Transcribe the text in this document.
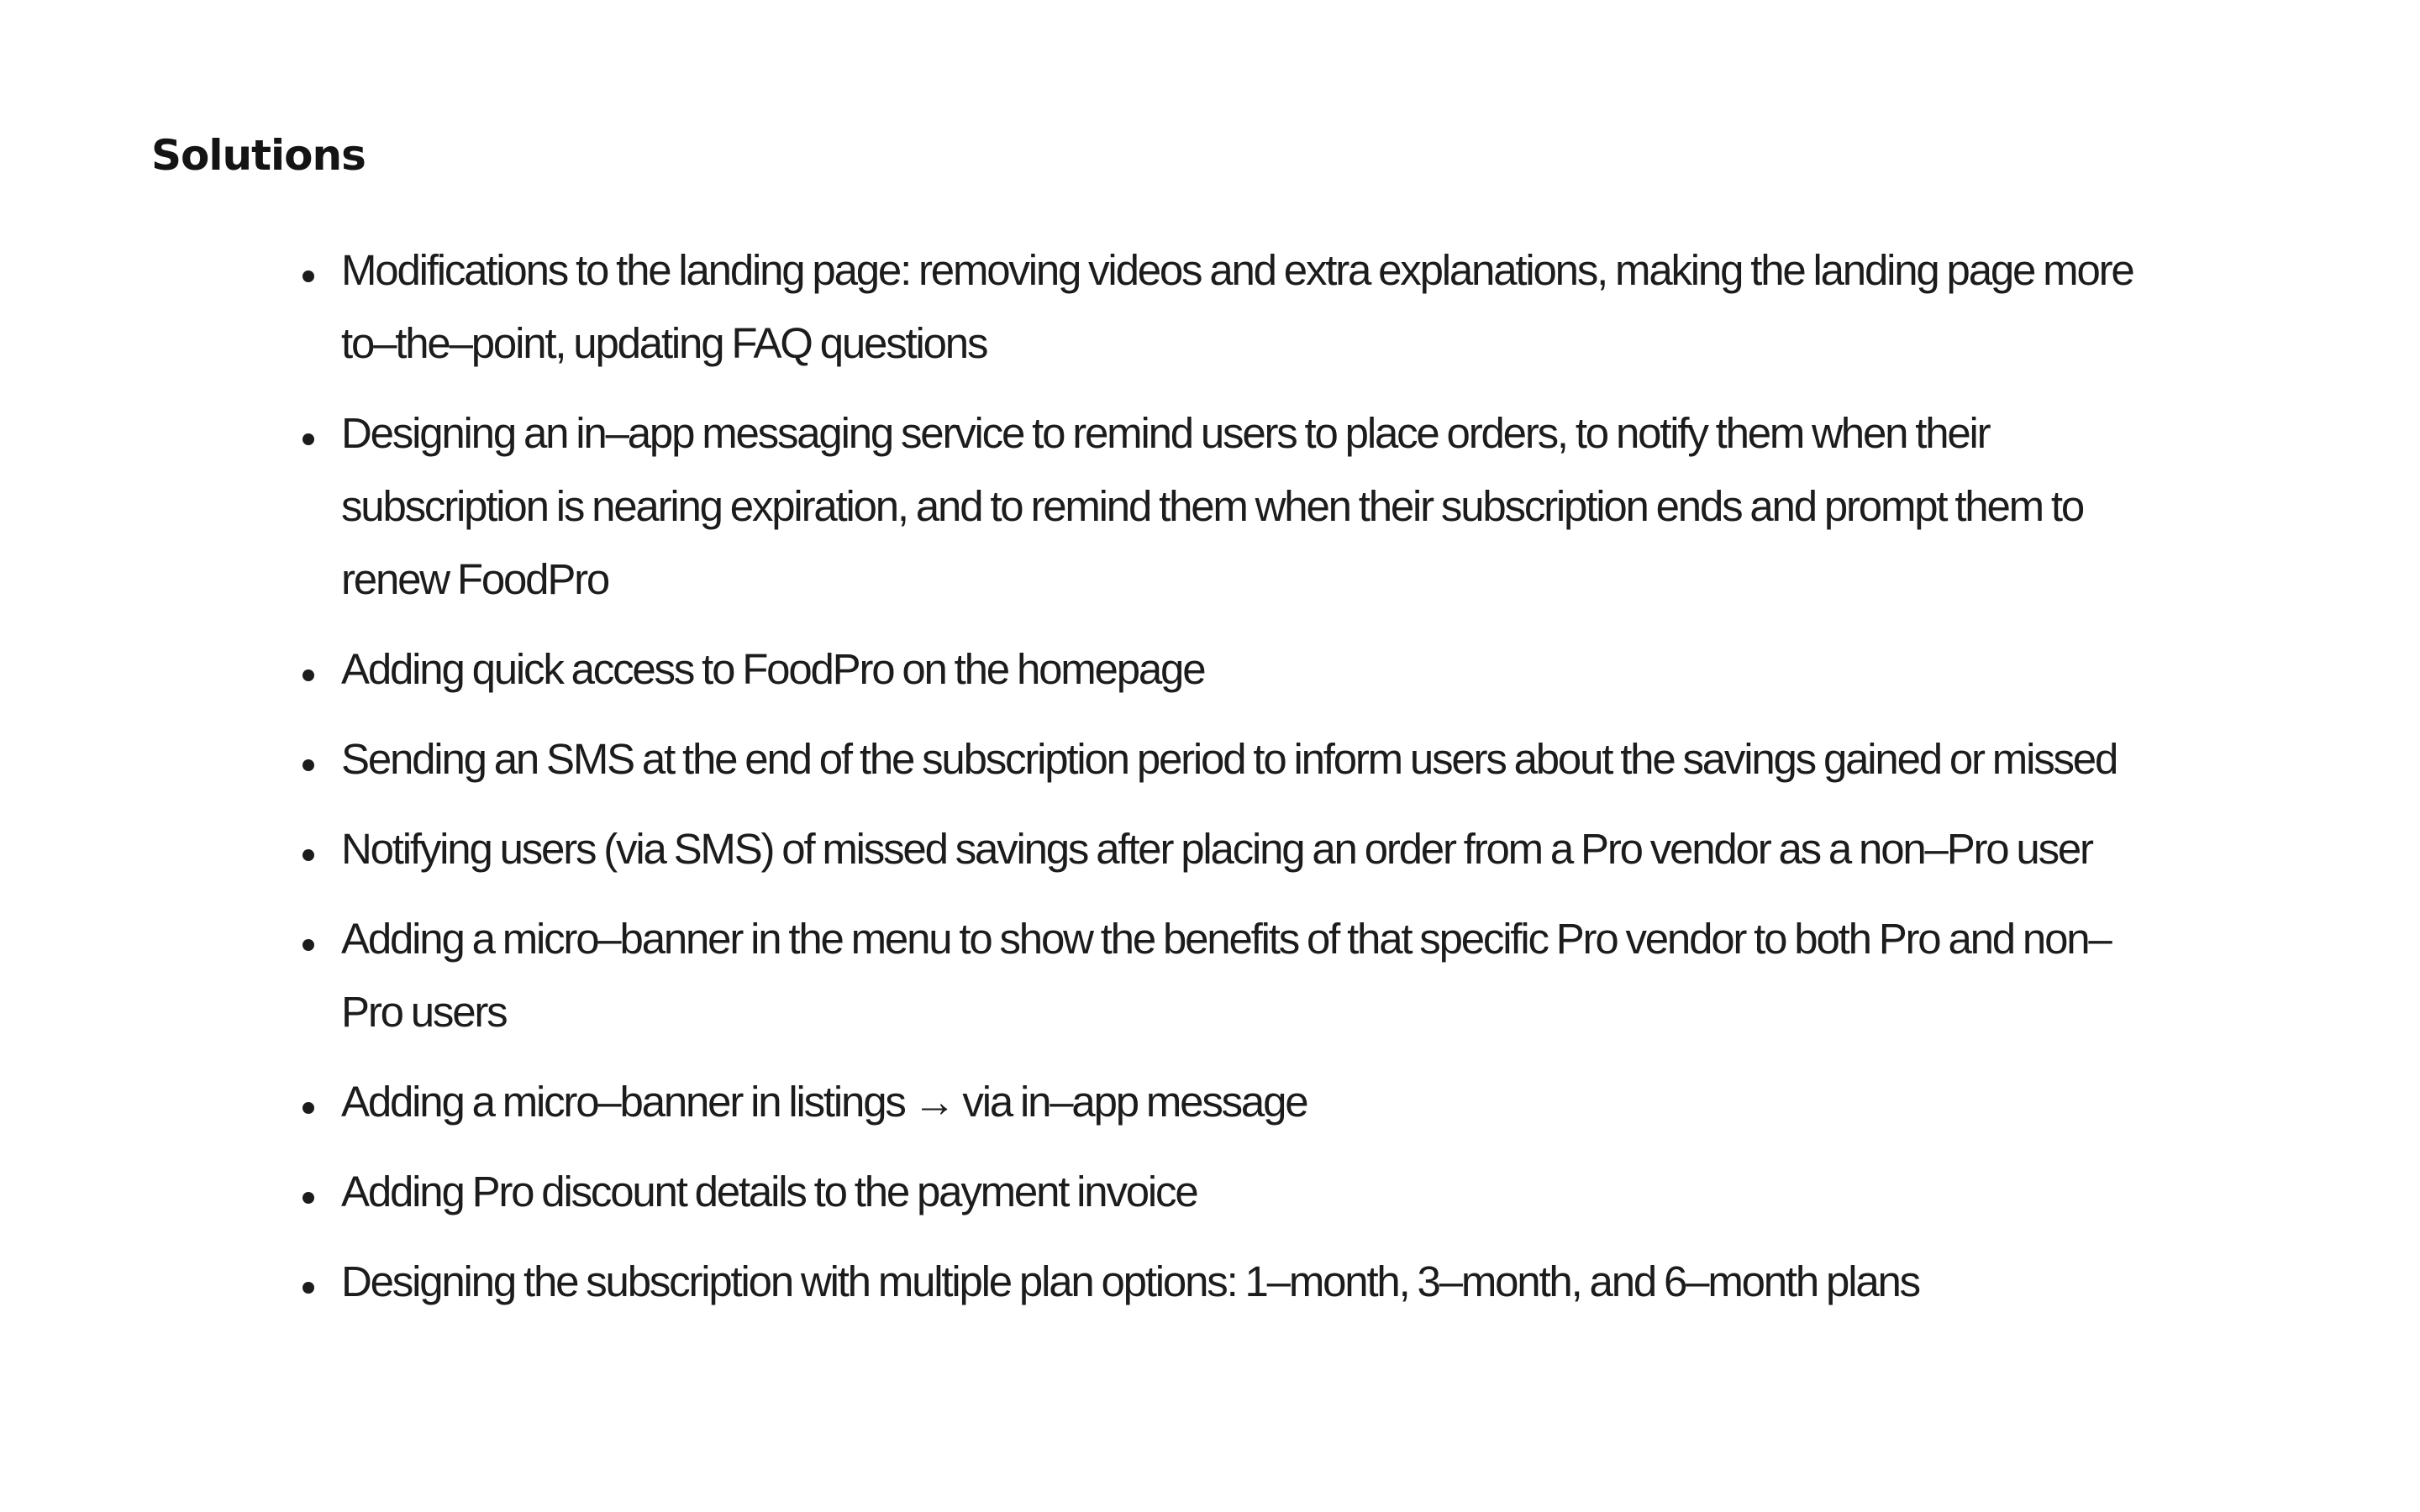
Solutions
Modifications to the landing page: removing videos and extra explanations, making the landing page more to–the–point, updating FAQ questions
Designing an in–app messaging service to remind users to place orders, to notify them when their subscription is nearing expiration, and to remind them when their subscription ends and prompt them to renew FoodPro
Adding quick access to FoodPro on the homepage
Sending an SMS at the end of the subscription period to inform users about the savings gained or missed
Notifying users (via SMS) of missed savings after placing an order from a Pro vendor as a non–Pro user
Adding a micro–banner in the menu to show the benefits of that specific Pro vendor to both Pro and non–Pro users
Adding a micro–banner in listings → via in–app message
Adding Pro discount details to the payment invoice
Designing the subscription with multiple plan options: 1–month, 3–month, and 6–month plans
